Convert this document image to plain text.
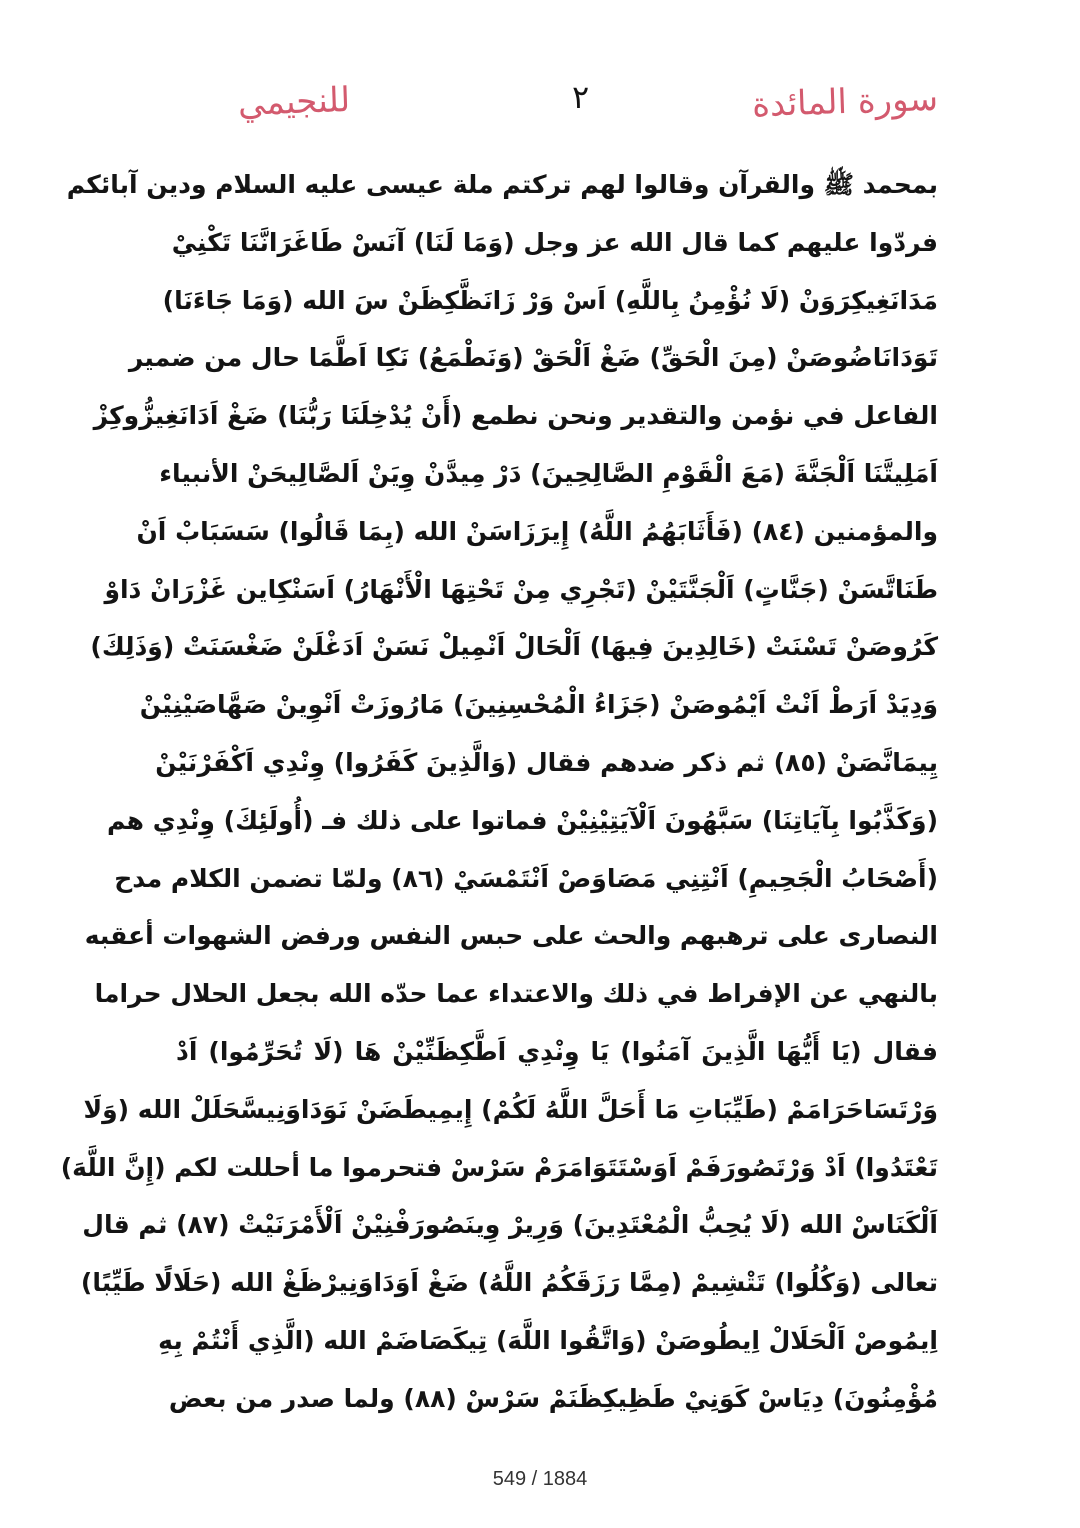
للنجيمي	٢	سورة المائدة
بمحمد ﷺ والقرآن وقالوا لهم تركتم ملة عيسى عليه السلام ودين آبائكم
فردّوا عليهم كما قال الله عز وجل (وَمَا لَنَا) آنَسْ طَاغَرَانَّنَا تَكْنِيْ
مَدَانَغِيكِرَوَنْ (لَا نُؤْمِنُ بِاللَّهِ) اَسْ وَرْ زَانَظَّكِظَنْ سَ الله (وَمَا جَاءَنَا)
تَوَدَانَاضُوصَنْ (مِنَ الْحَقِّ) ضَغْ اَلْحَقْ (وَنَطْمَعُ) نَكِا اَطَّمَا حال من ضمير
الفاعل في نؤمن والتقدير ونحن نطمع (أَنْ يُدْخِلَنَا رَبُّنَا) ضَغْ اَدَانَغِيزُّوكِزْ
اَمَلِيتَّنَا اَلْجَنَّةَ (مَعَ الْقَوْمِ الصَّالِحِينَ) دَرْ مِيدَّنْ وِيَنْ اَلصَّالِيحَنْ الأنبياء
والمؤمنين (٨٤) (فَأَثَابَهُمُ اللَّهُ) إِيرَزَاسَنْ الله (بِمَا قَالُوا) سَسَبَابْ اَنْ
طَنَاتَّسَنْ (جَنَّاتٍ) اَلْجَنَّتَيْنْ (تَجْرِي مِنْ تَحْتِهَا الْأَنْهَارُ) اَسَنْكِاين غَزْرَانْ دَاوْ
كَرُوصَنْ تَسْنَتْ (خَالِدِينَ فِيهَا) اَلْحَالْ اَنْمِيلْ نَسَنْ اَدَغْلَنْ ضَغْسَنَتْ (وَذَلِكَ)
وَدِيَدْ اَرَطْ اَنْتْ اَيْمُوصَنْ (جَزَاءُ الْمُحْسِنِينَ) مَارُوزَتْ اَنْوِينْ صَهَّاصَيْنِيْنْ
يِيمَانَّصَنْ (٨٥) ثم ذكر ضدهم فقال (وَالَّذِينَ كَفَرُوا) وِنْدِي اَكْفَرْنَيْنْ
(وَكَذَّبُوا بِآيَاتِنَا) سَبَّهُونَ اَلْآيَتِيْنِيْنْ فماتوا على ذلك فـ (أُولَئِكَ) وِنْدِي هم
(أَصْحَابُ الْجَحِيمِ) اَنْتِنِي مَصَاوَصْ اَنْتَمْسَيْ (٨٦) ولمّا تضمن الكلام مدح
النصارى على ترهبهم والحث على حبس النفس ورفض الشهوات أعقبه
بالنهي عن الإفراط في ذلك والاعتداء عما حدّه الله بجعل الحلال حراما
فقال (يَا أَيُّهَا الَّذِينَ آمَنُوا) يَا وِنْدِي اَطَّكِظَنِّيْنْ هَا (لَا تُحَرِّمُوا) اَدْ
وَرْتَسَاحَرَامَمْ (طَيِّبَاتِ مَا أَحَلَّ اللَّهُ لَكُمْ) إِيمِيطَضَنْ نَوَدَاوَنِيسَّحَلَلْ الله (وَلَا
تَعْتَدُوا) اَدْ وَرْتَصُورَفَمْ اَوَسْتَتَوَامَرَمْ سَرْسْ فتحرموا ما أحللت لكم (إِنَّ اللَّهَ)
اَلْكَنَاسْ الله (لَا يُحِبُّ الْمُعْتَدِينَ) وَرِيرْ وِينَصُورَفْنِيْنْ اَلْأَمْرَنَيْتْ (٨٧) ثم قال
تعالى (وَكُلُوا) تَتْشِيمْ (مِمَّا رَزَقَكُمُ اللَّهُ) ضَغْ اَوَدَاوَنِيرْظَغْ الله (حَلَالًا طَيِّبًا)
اِيمُوصْ اَلْحَلَالْ اِيطُوصَنْ (وَاتَّقُوا اللَّهَ) تِيكَصَاضَمْ الله (الَّذِي أَنْتُمْ بِهِ
مُؤْمِنُونَ) دِيَاسْ كَوَنِيْ طَظِيكِظَنَمْ سَرْسْ (٨٨) ولما صدر من بعض
549 / 1884
